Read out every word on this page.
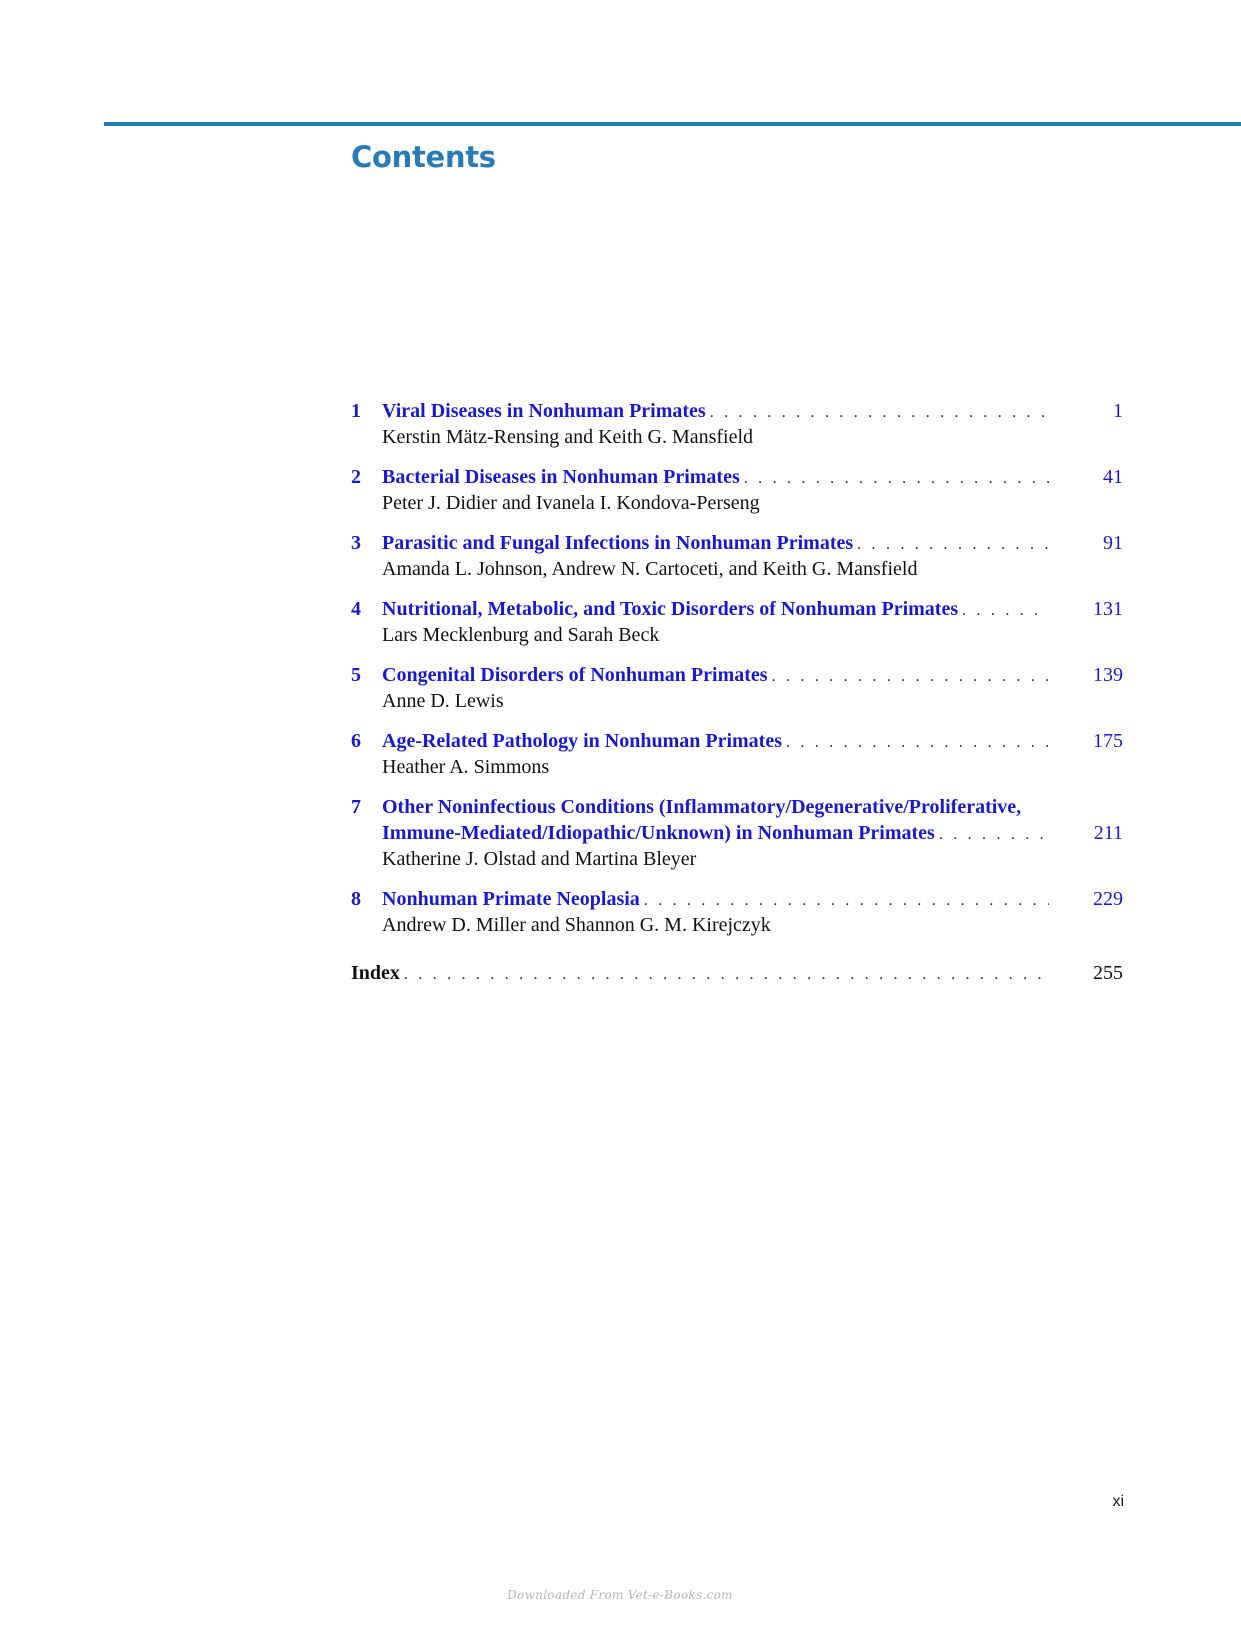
Contents
1	Viral Diseases in Nonhuman Primates . . .	1
Kerstin Mätz-Rensing and Keith G. Mansfield
2	Bacterial Diseases in Nonhuman Primates . . .	41
Peter J. Didier and Ivanela I. Kondova-Perseng
3	Parasitic and Fungal Infections in Nonhuman Primates . . .	91
Amanda L. Johnson, Andrew N. Cartoceti, and Keith G. Mansfield
4	Nutritional, Metabolic, and Toxic Disorders of Nonhuman Primates . . .	131
Lars Mecklenburg and Sarah Beck
5	Congenital Disorders of Nonhuman Primates . . .	139
Anne D. Lewis
6	Age-Related Pathology in Nonhuman Primates . . .	175
Heather A. Simmons
7	Other Noninfectious Conditions (Inflammatory/Degenerative/Proliferative,
Immune-Mediated/Idiopathic/Unknown) in Nonhuman Primates . . .	211
Katherine J. Olstad and Martina Bleyer
8	Nonhuman Primate Neoplasia . . .	229
Andrew D. Miller and Shannon G. M. Kirejczyk
Index . . .	255
xi
Downloaded From Vet-e-Books.com
